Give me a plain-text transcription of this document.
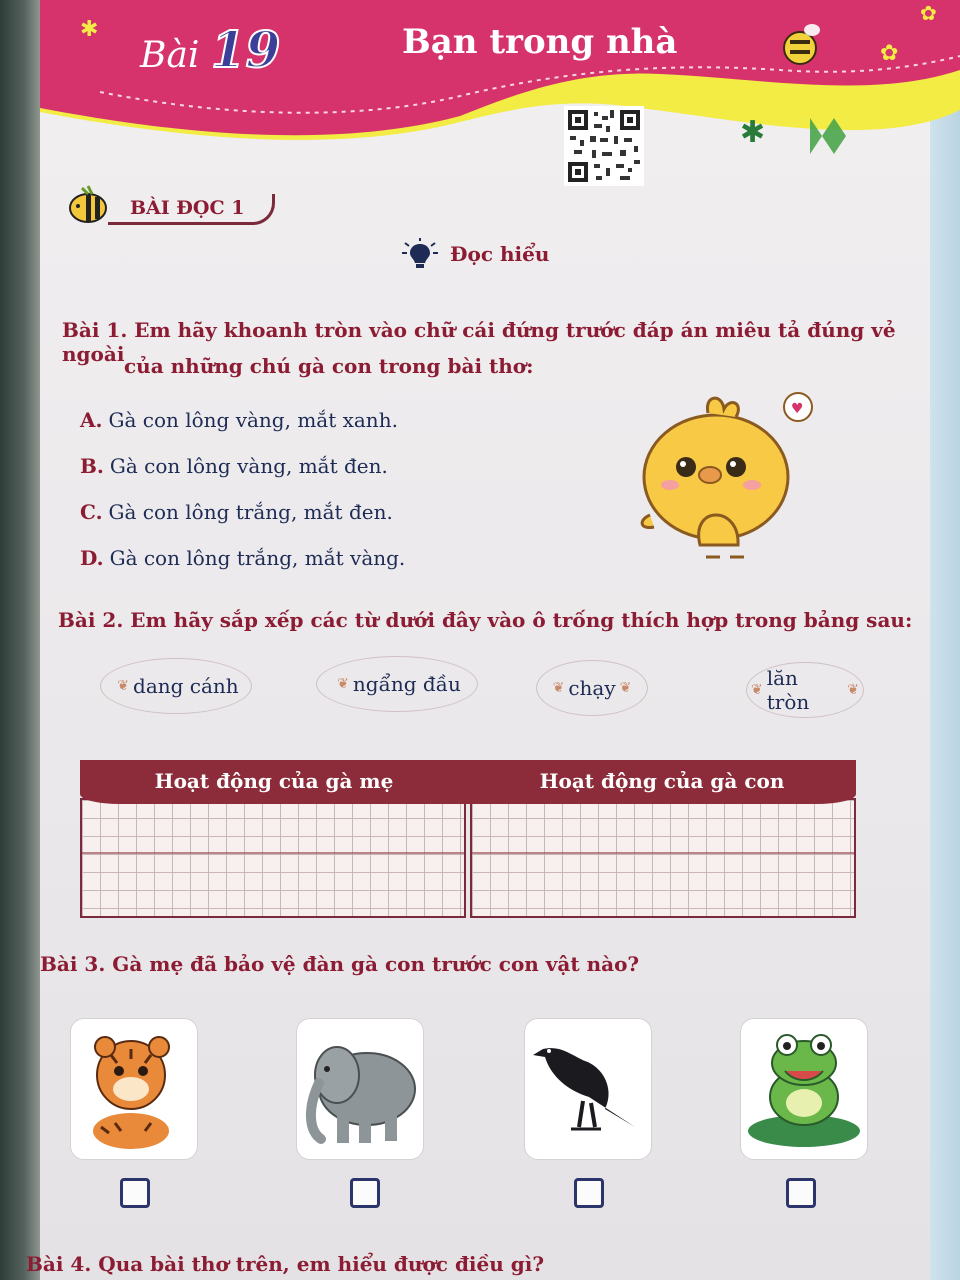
✱
✱
✿
✿
✿
Bài 19	Bạn trong nhà
BÀI ĐỌC 1
Đọc hiểu
Bài 1. Em hãy khoanh tròn vào chữ cái đứng trước đáp án miêu tả đúng vẻ ngoài của những chú gà con trong bài thơ:
A. Gà con lông vàng, mắt xanh.
B. Gà con lông vàng, mắt đen.
C. Gà con lông trắng, mắt đen.
D. Gà con lông trắng, mắt vàng.
♥
Bài 2. Em hãy sắp xếp các từ dưới đây vào ô trống thích hợp trong bảng sau:
❦ dang cánh	❦ ngẩng đầu	❦ chạy ❦	❦ lăn tròn	❦
Hoạt động của gà mẹ	Hoạt động của gà con
Bài 3. Gà mẹ đã bảo vệ đàn gà con trước con vật nào?
Bài 4. Qua bài thơ trên, em hiểu được điều gì?
